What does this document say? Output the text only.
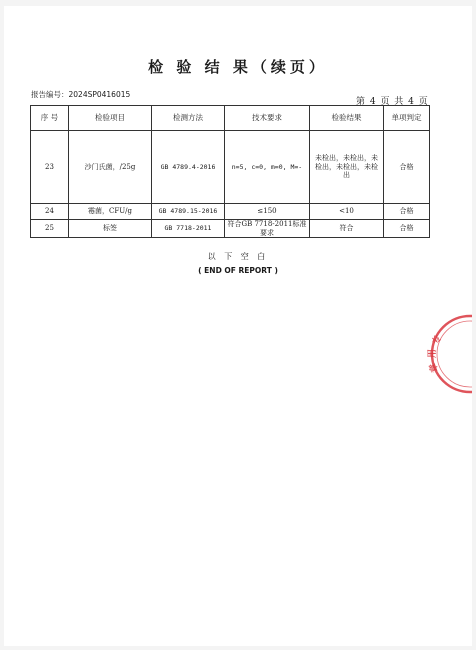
检 验 结 果（续页）
报告编号：2024SP0416015
第 4 页 共 4 页
序 号	检验项目	检测方法	技术要求	检验结果	单项判定
23	沙门氏菌，/25g	GB 4789.4-2016	n=5, c=0, m=0, M=-	未检出，未检出，未检出，未检出，未检出	合格
24	霉菌，CFU/g	GB 4789.15-2016	≤150	<10	合格
25	标签	GB 7718-2011	符合GB 7718-2011标准要求	符合	合格
以 下 空 白
( END OF REPORT )
专
用
章
